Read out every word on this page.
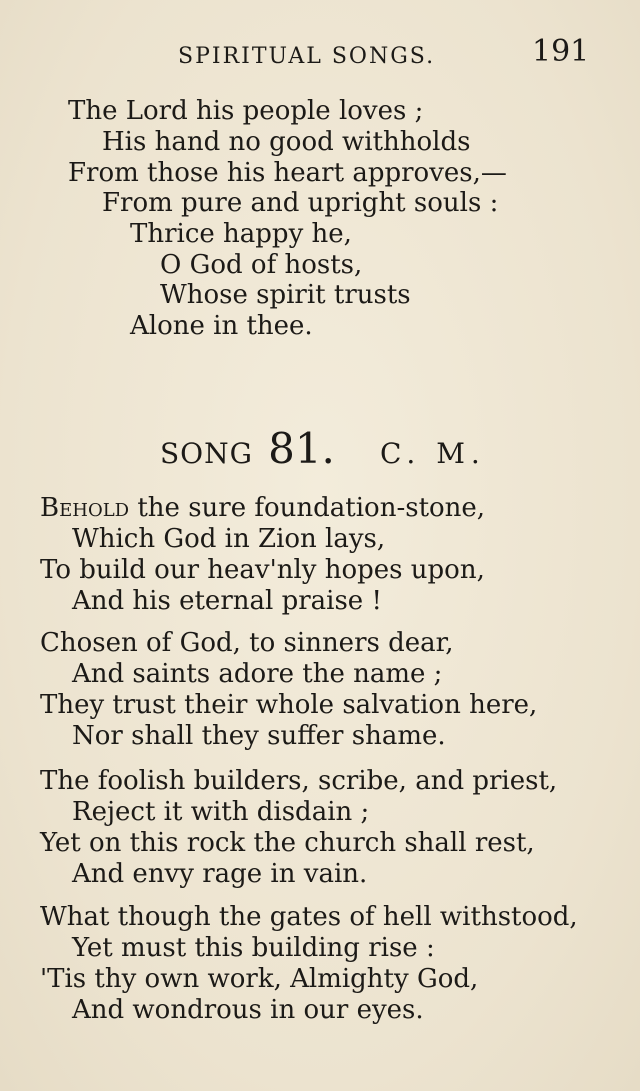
SPIRITUAL SONGS.	191
The Lord his people loves ;
His hand no good withholds
From those his heart approves,—
From pure and upright souls :
Thrice happy he,
O God of hosts,
Whose spirit trusts
Alone in thee.
SONG 81. C. M.
Behold the sure foundation-stone,
Which God in Zion lays,
To build our heav'nly hopes upon,
And his eternal praise !
Chosen of God, to sinners dear,
And saints adore the name ;
They trust their whole salvation here,
Nor shall they suffer shame.
The foolish builders, scribe, and priest,
Reject it with disdain ;
Yet on this rock the church shall rest,
And envy rage in vain.
What though the gates of hell withstood,
Yet must this building rise :
'Tis thy own work, Almighty God,
And wondrous in our eyes.
